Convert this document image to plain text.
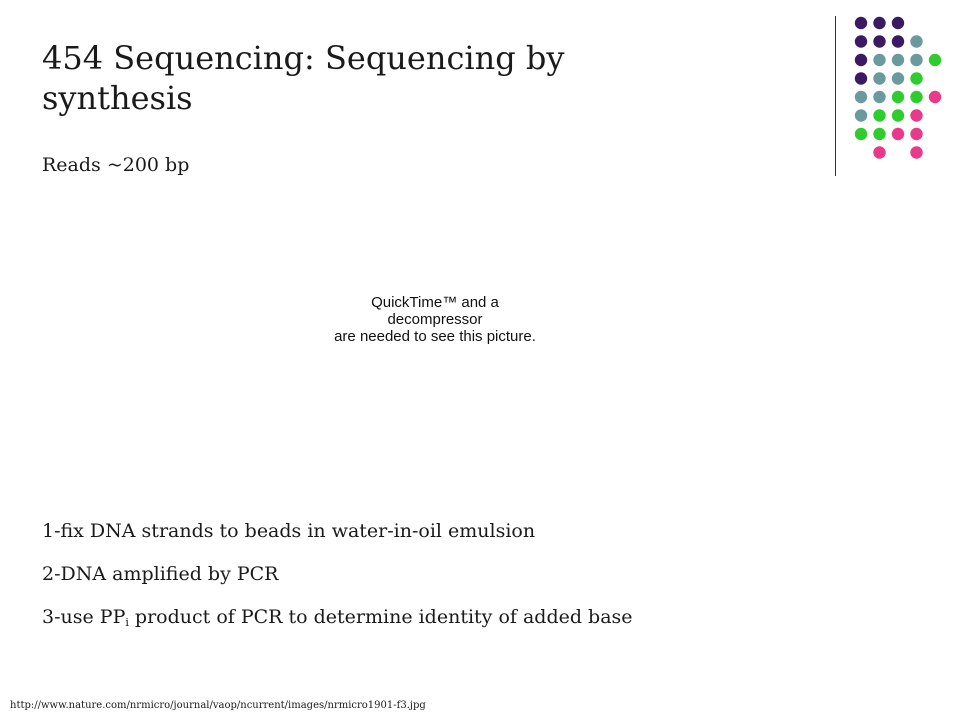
454 Sequencing: Sequencing by synthesis

Reads ~200 bp

QuickTime™ and a
decompressor
are needed to see this picture.
1-fix DNA strands to beads in water-in-oil emulsion
2-DNA amplified by PCR
3-use $PP_i$ product of PCR to determine identity of added base
http://www.nature.com/nrmicro/journal/vaop/ncurrent/images/nrmicro1901-f3.jpg
